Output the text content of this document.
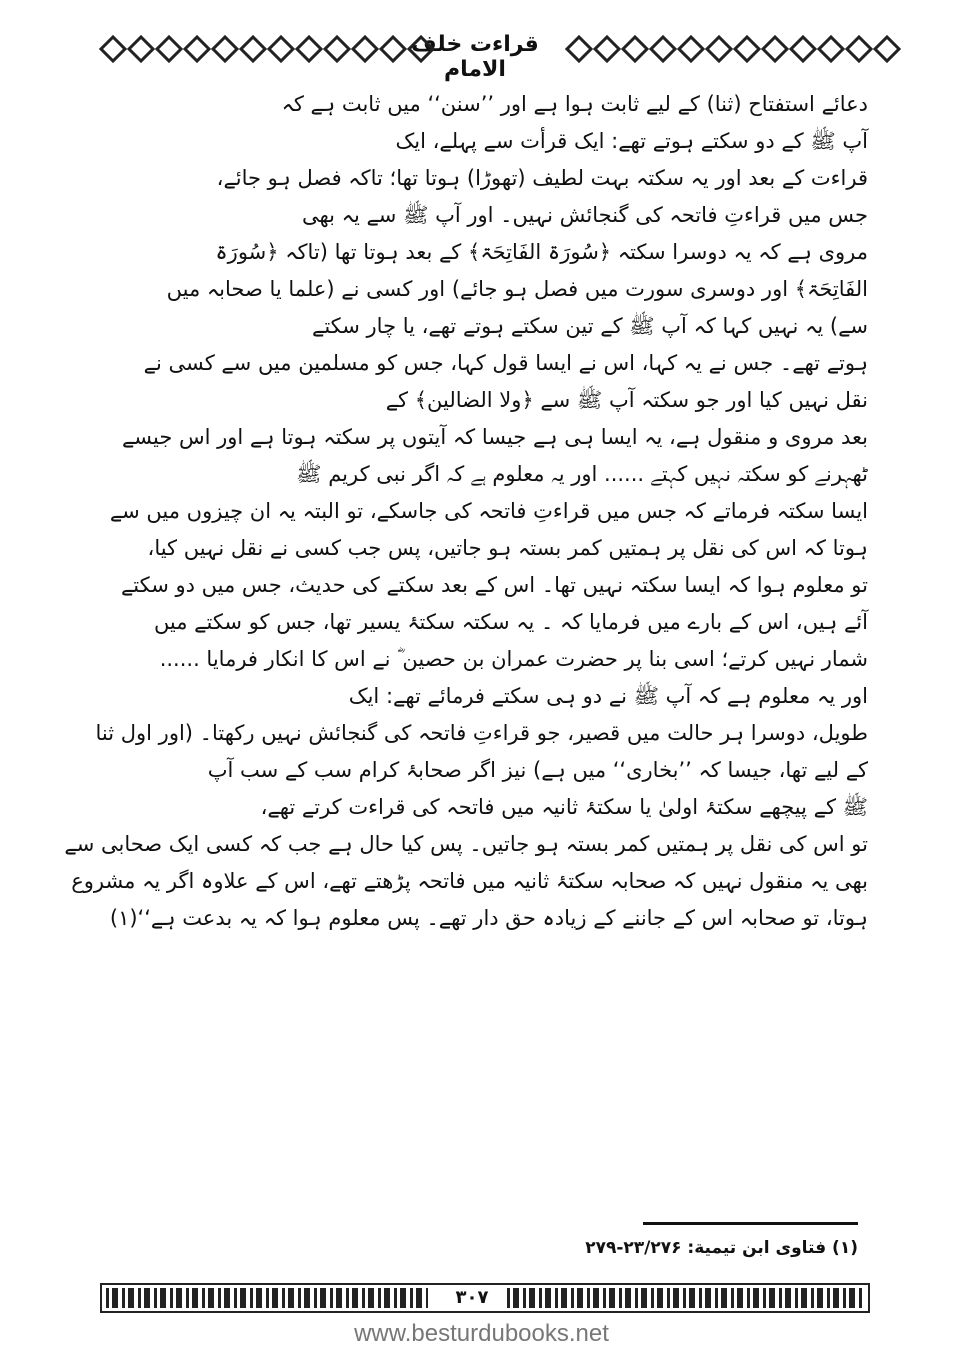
قراءت خلف الامام
دعائے استفتاح (ثنا) کے لیے ثابت ہوا ہے اور ’’سنن‘‘ میں ثابت ہے کہ
آپ ﷺ کے دو سکتے ہوتے تھے: ایک قرأت سے پہلے، ایک
قراءت کے بعد اور یہ سکتہ بہت لطیف (تھوڑا) ہوتا تھا؛ تاکہ فصل ہو جائے،
جس میں قراءتِ فاتحہ کی گنجائش نہیں۔ اور آپ ﷺ سے یہ بھی
مروی ہے کہ یہ دوسرا سکتہ ﴿سُورَۃ الفَاتِحَۃ﴾ کے بعد ہوتا تھا (تاکہ ﴿سُورَۃ
الفَاتِحَۃ﴾ اور دوسری سورت میں فصل ہو جائے) اور کسی نے (علما یا صحابہ میں
سے) یہ نہیں کہا کہ آپ ﷺ کے تین سکتے ہوتے تھے، یا چار سکتے
ہوتے تھے۔ جس نے یہ کہا، اس نے ایسا قول کہا، جس کو مسلمین میں سے کسی نے
نقل نہیں کیا اور جو سکتہ آپ ﷺ سے ﴿ولا الضالین﴾ کے
بعد مروی و منقول ہے، یہ ایسا ہی ہے جیسا کہ آیتوں پر سکتہ ہوتا ہے اور اس جیسے
ٹھہرنے کو سکتہ نہیں کہتے ...... اور یہ معلوم ہے کہ اگر نبی کریم ﷺ
ایسا سکتہ فرماتے کہ جس میں قراءتِ فاتحہ کی جاسکے، تو البتہ یہ ان چیزوں میں سے
ہوتا کہ اس کی نقل پر ہمتیں کمر بستہ ہو جاتیں، پس جب کسی نے نقل نہیں کیا،
تو معلوم ہوا کہ ایسا سکتہ نہیں تھا۔ اس کے بعد سکتے کی حدیث، جس میں دو سکتے
آئے ہیں، اس کے بارے میں فرمایا کہ ۔ یہ سکتہ سکتۂ یسیر تھا، جس کو سکتے میں
شمار نہیں کرتے؛ اسی بنا پر حضرت عمران بن حصین ؓ نے اس کا انکار فرمایا ......
اور یہ معلوم ہے کہ آپ ﷺ نے دو ہی سکتے فرمائے تھے: ایک
طویل، دوسرا ہر حالت میں قصیر، جو قراءتِ فاتحہ کی گنجائش نہیں رکھتا۔ (اور اول ثنا
کے لیے تھا، جیسا کہ ’’بخاری‘‘ میں ہے) نیز اگر صحابۂ کرام سب کے سب آپ
ﷺ کے پیچھے سکتۂ اولیٰ یا سکتۂ ثانیہ میں فاتحہ کی قراءت کرتے تھے،
تو اس کی نقل پر ہمتیں کمر بستہ ہو جاتیں۔ پس کیا حال ہے جب کہ کسی ایک صحابی سے
بھی یہ منقول نہیں کہ صحابہ سکتۂ ثانیہ میں فاتحہ پڑھتے تھے، اس کے علاوہ اگر یہ مشروع
ہوتا، تو صحابہ اس کے جاننے کے زیادہ حق دار تھے۔ پس معلوم ہوا کہ یہ بدعت ہے‘‘(۱)
(۱) فتاوی ابن تیمیة: ۲۳/۲۷۶-۲۷۹
۳۰۷
www.besturdubooks.net
